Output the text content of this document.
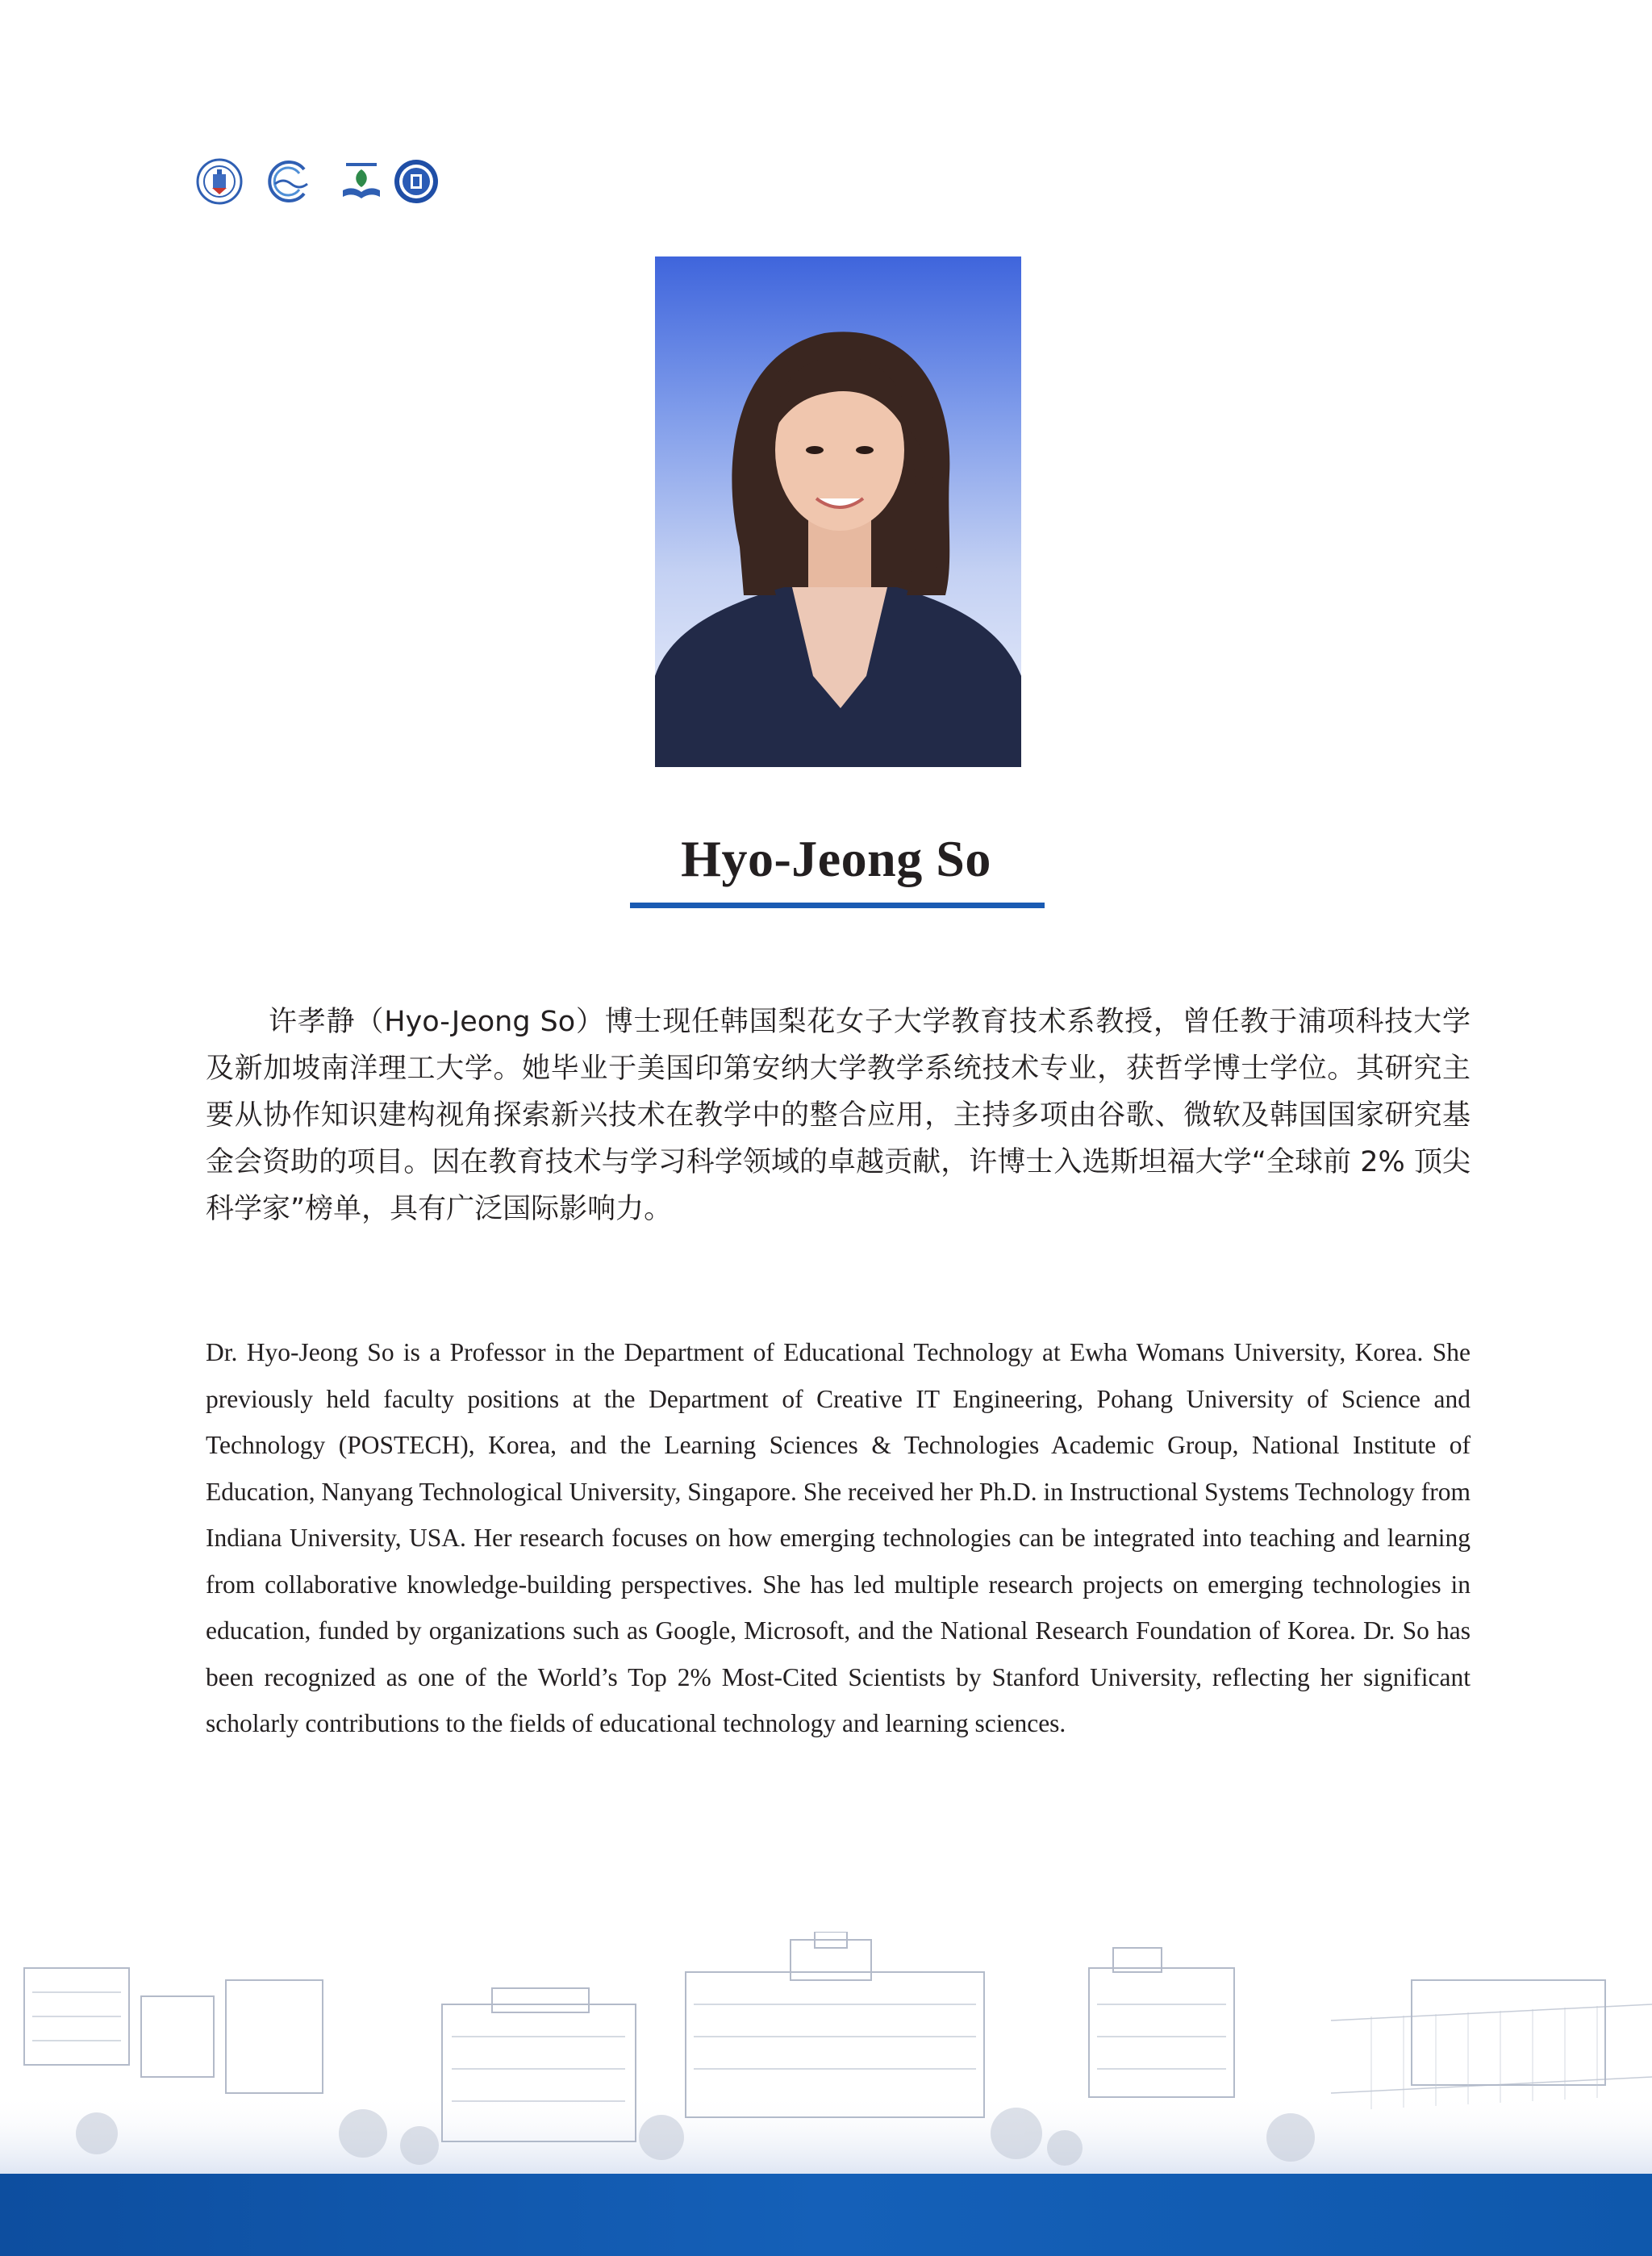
Hyo-Jeong So

许孝静（Hyo-Jeong So）博士现任韩国梨花女子大学教育技术系教授，曾任教于浦项科技大学及新加坡南洋理工大学。她毕业于美国印第安纳大学教学系统技术专业，获哲学博士学位。其研究主要从协作知识建构视角探索新兴技术在教学中的整合应用，主持多项由谷歌、微软及韩国国家研究基金会资助的项目。因在教育技术与学习科学领域的卓越贡献，许博士入选斯坦福大学“全球前 2% 顶尖科学家”榜单，具有广泛国际影响力。

Dr. Hyo-Jeong So is a Professor in the Department of Educational Technology at Ewha Womans University, Korea. She previously held faculty positions at the Department of Creative IT Engineering, Pohang University of Science and Technology (POSTECH), Korea, and the Learning Sciences & Technologies Academic Group, National Institute of Education, Nanyang Technological University, Singapore. She received her Ph.D. in Instructional Systems Technology from Indiana University, USA. Her research focuses on how emerging technologies can be integrated into teaching and learning from collaborative knowledge-building perspectives. She has led multiple research projects on emerging technologies in education, funded by organizations such as Google, Microsoft, and the National Research Foundation of Korea. Dr. So has been recognized as one of the World’s Top 2% Most-Cited Scientists by Stanford University, reflecting her significant scholarly contributions to the fields of educational technology and learning sciences.
